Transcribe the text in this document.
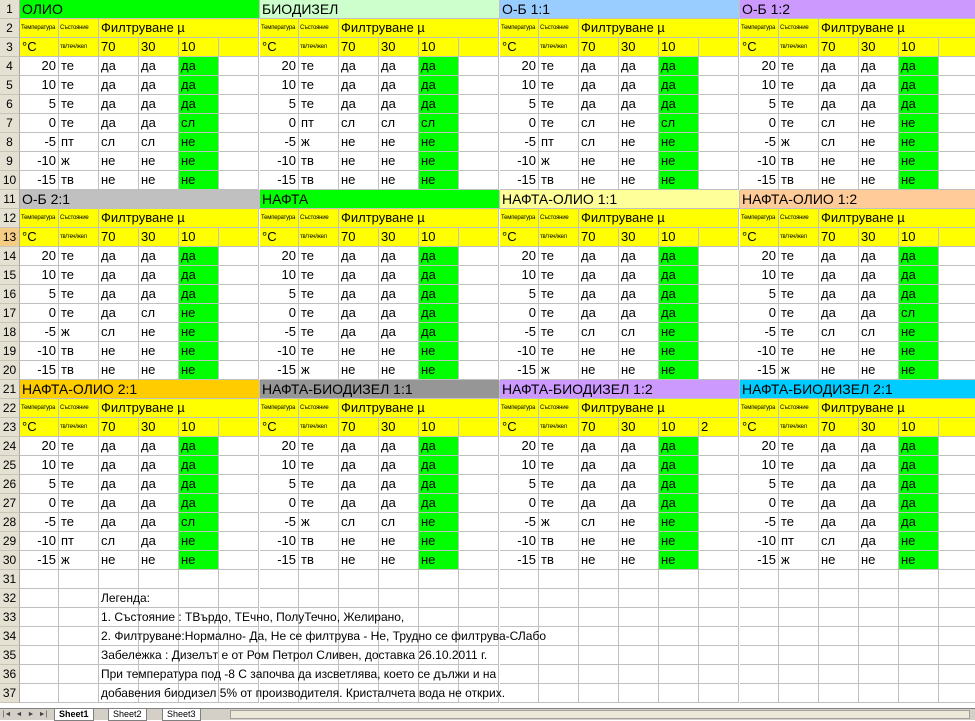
1
2
3
4
5
6
7
8
9
10
11
12
13
14
15
16
17
18
19
20
21
22
23
24
25
26
27
28
29
30
31
32
33
34
35
36
37
ОЛИО
Температура Състояние Филтруване µ
°C	тв/теч/жел	70	30	10
20 те	да	да	да
10 те	да	да	да
5 те	да	да	да
0 те	да	да	сл
-5 пт	сл	сл	не
-10 ж	не	не	не
-15 тв	не	не	не
БИОДИЗЕЛ
Температура Състояние Филтруване µ
°C	тв/теч/жел	70	30	10
20 те	да	да	да
10 те	да	да	да
5 те	да	да	да
0 пт	сл	сл	сл
-5 ж	не	не	не
-10 тв	не	не	не
-15 тв	не	не	не
О-Б 1:1
Температура Състояние Филтруване µ
°C	тв/теч/жел	70	30	10
20 те	да	да	да
10 те	да	да	да
5 те	да	да	да
0 те	сл	не	сл
-5 пт	сл	не	не
-10 ж	не	не	не
-15 тв	не	не	не
О-Б 1:2
Температура Състояние Филтруване µ
°C	тв/теч/жел	70	30	10
20 те	да	да	да
10 те	да	да	да
5 те	да	да	да
0 те	сл	не	не
-5 ж	сл	не	не
-10 тв	не	не	не
-15 тв	не	не	не
О-Б 2:1
Температура Състояние Филтруване µ
°C	тв/теч/жел	70	30	10
20 те	да	да	да
10 те	да	да	да
5 те	да	да	да
0 те	да	сл	не
-5 ж	сл	не	не
-10 тв	не	не	не
-15 тв	не	не	не
НАФТА
Температура Състояние Филтруване µ
°C	тв/теч/жел	70	30	10
20 те	да	да	да
10 те	да	да	да
5 те	да	да	да
0 те	да	да	да
-5 те	да	да	да
-10 те	не	не	не
-15 ж	не	не	не
НАФТА-ОЛИО 1:1
Температура Състояние Филтруване µ
°C	тв/теч/жел	70	30	10
20 те	да	да	да
10 те	да	да	да
5 те	да	да	да
0 те	да	да	да
-5 те	сл	сл	не
-10 те	не	не	не
-15 ж	не	не	не
НАФТА-ОЛИО 1:2
Температура Състояние Филтруване µ
°C	тв/теч/жел	70	30	10
20 те	да	да	да
10 те	да	да	да
5 те	да	да	да
0 те	да	да	сл
-5 те	сл	сл	не
-10 те	не	не	не
-15 ж	не	не	не
НАФТА-ОЛИО 2:1
Температура Състояние Филтруване µ
°C	тв/теч/жел	70	30	10
20 те	да	да	да
10 те	да	да	да
5 те	да	да	да
0 те	да	да	да
-5 те	да	да	сл
-10 пт	сл	да	не
-15 ж	не	не	не
НАФТА-БИОДИЗЕЛ 1:1
Температура Състояние Филтруване µ
°C	тв/теч/жел	70	30	10
20 те	да	да	да
10 те	да	да	да
5 те	да	да	да
0 те	да	да	да
-5 ж	сл	сл	не
-10 тв	не	не	не
-15 тв	не	не	не
НАФТА-БИОДИЗЕЛ 1:2
Температура Състояние Филтруване µ
°C	тв/теч/жел	70	30	10	2
20 те	да	да	да
10 те	да	да	да
5 те	да	да	да
0 те	да	да	да
-5 ж	сл	не	не
-10 тв	не	не	не
-15 тв	не	не	не
НАФТА-БИОДИЗЕЛ 2:1
Температура Състояние Филтруване µ
°C	тв/теч/жел	70	30	10
20 те	да	да	да
10 те	да	да	да
5 те	да	да	да
0 те	да	да	да
-5 те	да	да	да
-10 пт	сл	да	не
-15 ж	не	не	не
Легенда:
1. Състояние : ТВърдо, ТЕчно, ПолуТечно, Желирано,
2. Филтруване:Нормално- Да, Не се филтрува - Не, Трудно се филтрува-СЛабо
Забележка : Дизелът е от Ром Петрол Сливен, доставка 26.10.2011 г.
При температура под -8 С започва да изсветлява, което се дължи и на
добавения биодизел 5% от производителя. Кристалчета вода не открих.
|◄ ◄ ► ►|	Sheet1	Sheet2	Sheet3
